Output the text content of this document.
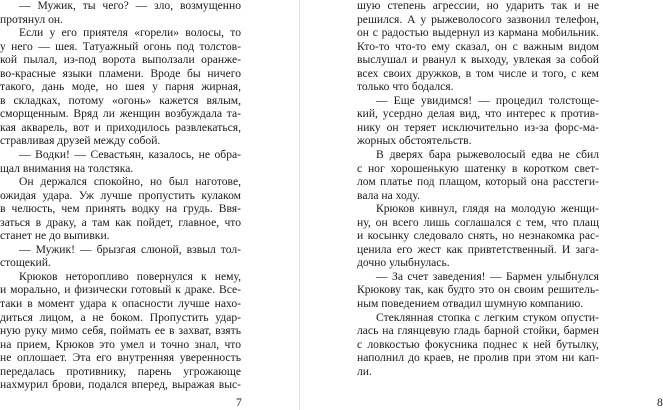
— Мужик, ты чего? — зло, возмущенно
протянул он.
Если у его приятеля «горели» волосы, то
у него — шея. Татуажный огонь под толстов-
кой пылал, из-под ворота выползали оранже-
во-красные языки пламени. Вроде бы ничего
такого, дань моде, но шея у парня жирная,
в складках, потому «огонь» кажется вялым,
сморщенным. Вряд ли женщин возбуждала та-
кая акварель, вот и приходилось развлекаться,
стравливая друзей между собой.
— Водки! — Севастьян, казалось, не обра-
щал внимания на толстяка.
Он держался спокойно, но был наготове,
ожидая удара. Уж лучше пропустить кулаком
в челюсть, чем принять водку на грудь. Ввя-
заться в драку, а там как пойдет, главное, что
станет не до выпивки.
— Мужик! — брызгая слюной, взвыл тол-
стощекий.
Крюков неторопливо повернулся к нему,
и морально, и физически готовый к драке. Все-
таки в момент удара к опасности лучше нахо-
диться лицом, а не боком. Пропустить удар-
ную руку мимо себя, поймать ее в захват, взять
на прием, Крюков это умел и точно знал, что
не оплошает. Эта его внутренняя уверенность
передалась противнику, парень угрожающе
нахмурил брови, подался вперед, выражая выс-
7
шую степень агрессии, но ударить так и не
решился. А у рыжеволосого зазвонил телефон,
он с радостью выдернул из кармана мобильник.
Кто-то что-то ему сказал, он с важным видом
выслушал и рванул к выходу, увлекая за собой
всех своих дружков, в том числе и того, с кем
только что бодался.
— Еще увидимся! — процедил толстоще-
кий, усердно делая вид, что интерес к против-
нику он теряет исключительно из-за форс-ма-
жорных обстоятельств.
В дверях бара рыжеволосый едва не сбил
с ног хорошенькую шатенку в коротком свет-
лом платье под плащом, который она расстеги-
вала на ходу.
Крюков кивнул, глядя на молодую женщи-
ну, он всего лишь соглашался с тем, что плащ
и косынку следовало снять, но незнакомка рас-
ценила его жест как привтетственный. И зага-
дочно улыбнулась.
— За счет заведения! — Бармен улыбнулся
Крюкову так, как будто это он своим решитель-
ным поведением отвадил шумную компанию.
Стеклянная стопка с легким стуком опусти-
лась на глянцевую гладь барной стойки, бармен
с ловкостью фокусника поднес к ней бутылку,
наполнил до краев, не пролив при этом ни кап-
ли.
8
